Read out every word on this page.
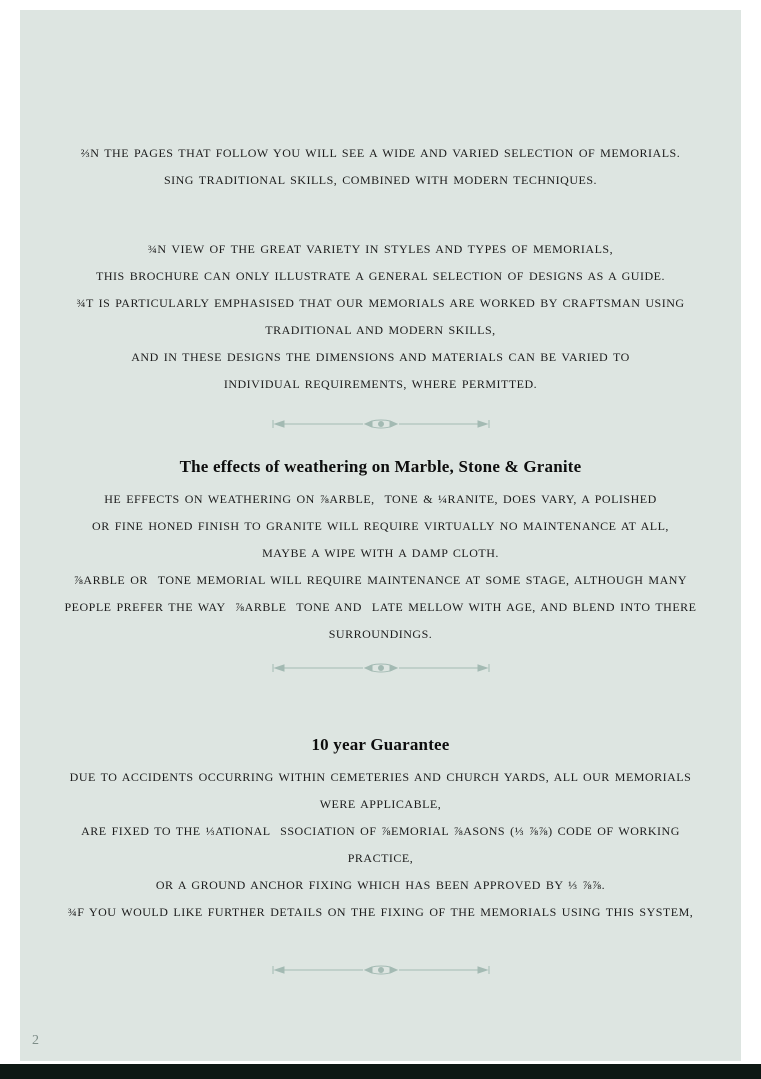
⅔N THE PAGES THAT FOLLOW YOU WILL SEE A WIDE AND VARIED SELECTION OF MEMORIALS.
SING TRADITIONAL SKILLS, COMBINED WITH MODERN TECHNIQUES.

¾N VIEW OF THE GREAT VARIETY IN STYLES AND TYPES OF MEMORIALS,
THIS BROCHURE CAN ONLY ILLUSTRATE A GENERAL SELECTION OF DESIGNS AS A GUIDE.
¾T IS PARTICULARLY EMPHASISED THAT OUR MEMORIALS ARE WORKED BY CRAFTSMAN USING
TRADITIONAL AND MODERN SKILLS,
AND IN THESE DESIGNS THE DIMENSIONS AND MATERIALS CAN BE VARIED TO
INDIVIDUAL REQUIREMENTS, WHERE PERMITTED.

The effects of weathering on Marble, Stone & Granite

HE EFFECTS ON WEATHERING ON ⅞ARBLE,  TONE & ¼RANITE, DOES VARY, A POLISHED
OR FINE HONED FINISH TO GRANITE WILL REQUIRE VIRTUALLY NO MAINTENANCE AT ALL,
MAYBE A WIPE WITH A DAMP CLOTH.
⅞ARBLE OR  TONE MEMORIAL WILL REQUIRE MAINTENANCE AT SOME STAGE, ALTHOUGH MANY
PEOPLE PREFER THE WAY  ⅞ARBLE  TONE AND  LATE MELLOW WITH AGE, AND BLEND INTO THERE
SURROUNDINGS.

10 year Guarantee

DUE TO ACCIDENTS OCCURRING WITHIN CEMETERIES AND CHURCH YARDS, ALL OUR MEMORIALS
WERE APPLICABLE,
ARE FIXED TO THE ⅓ATIONAL  SSOCIATION OF ⅞EMORIAL ⅞ASONS (⅓ ⅞⅞) CODE OF WORKING
PRACTICE,
OR A GROUND ANCHOR FIXING WHICH HAS BEEN APPROVED BY ⅓ ⅞⅞.
¾F YOU WOULD LIKE FURTHER DETAILS ON THE FIXING OF THE MEMORIALS USING THIS SYSTEM,

2
